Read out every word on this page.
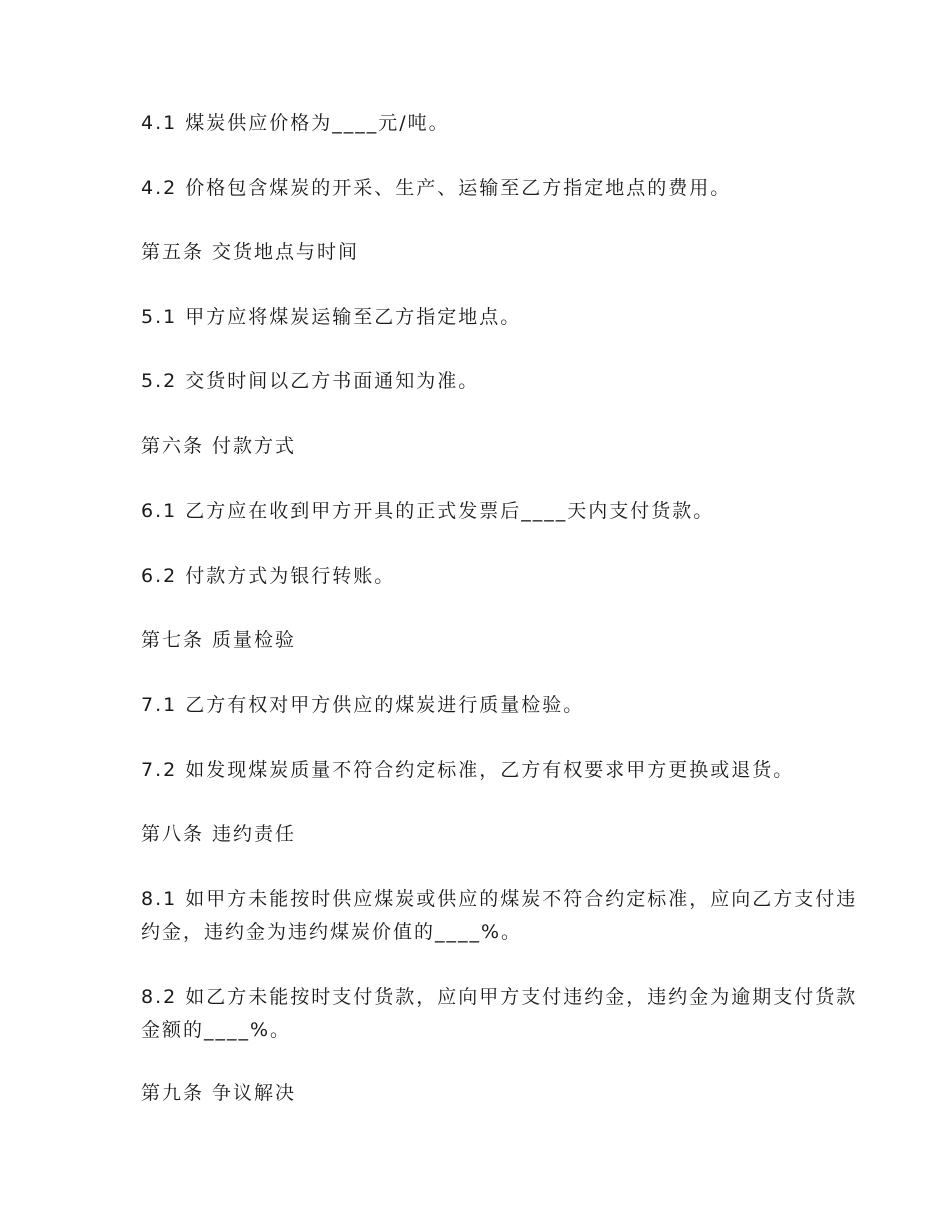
4.1 煤炭供应价格为____元/吨。

4.2 价格包含煤炭的开采、生产、运输至乙方指定地点的费用。

第五条 交货地点与时间

5.1 甲方应将煤炭运输至乙方指定地点。

5.2 交货时间以乙方书面通知为准。

第六条 付款方式

6.1 乙方应在收到甲方开具的正式发票后____天内支付货款。

6.2 付款方式为银行转账。

第七条 质量检验

7.1 乙方有权对甲方供应的煤炭进行质量检验。

7.2 如发现煤炭质量不符合约定标准，乙方有权要求甲方更换或退货。

第八条 违约责任

8.1 如甲方未能按时供应煤炭或供应的煤炭不符合约定标准，应向乙方支付违约金，违约金为违约煤炭价值的____%。

8.2 如乙方未能按时支付货款，应向甲方支付违约金，违约金为逾期支付货款金额的____%。

第九条 争议解决
